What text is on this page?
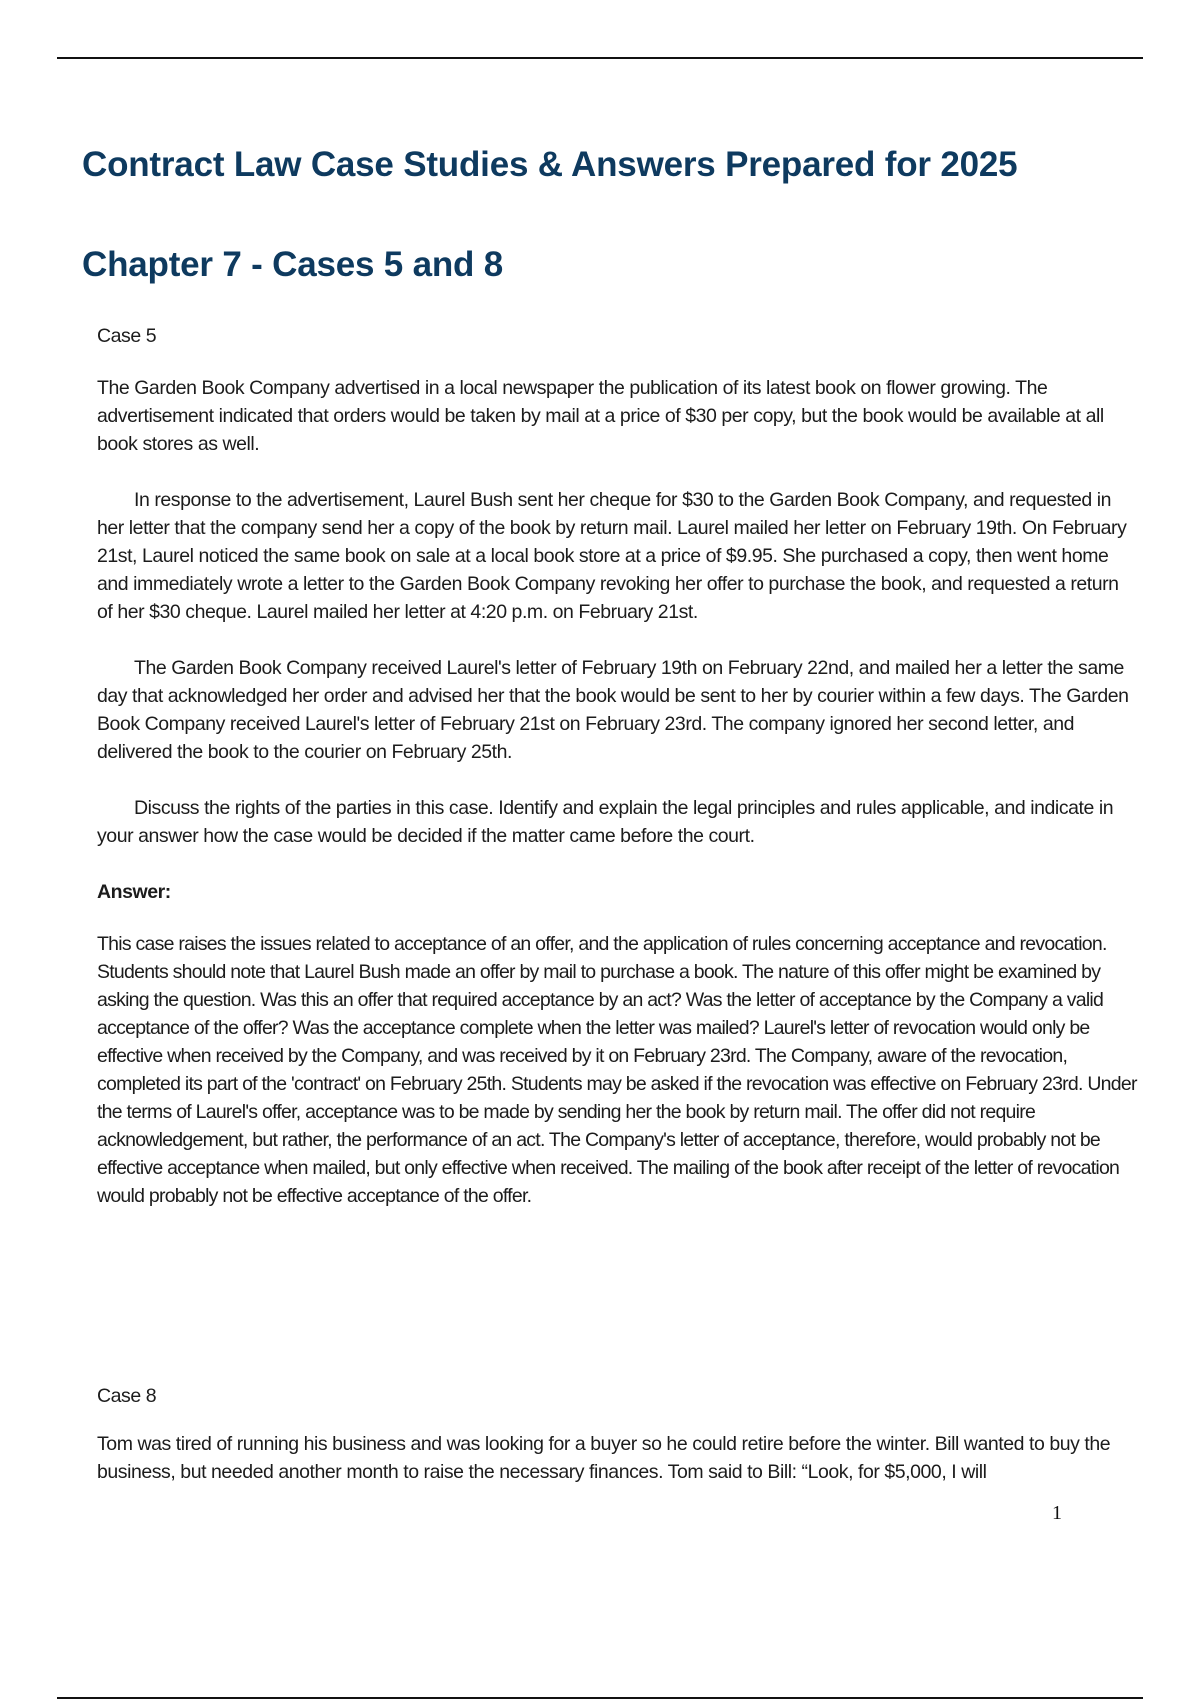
Contract Law Case Studies & Answers Prepared for 2025
Chapter 7 - Cases 5 and 8

Case 5

The Garden Book Company advertised in a local newspaper the publication of its latest book on flower growing. The advertisement indicated that orders would be taken by mail at a price of $30 per copy, but the book would be available at all book stores as well.

In response to the advertisement, Laurel Bush sent her cheque for $30 to the Garden Book Company, and requested in her letter that the company send her a copy of the book by return mail. Laurel mailed her letter on February 19th. On February 21st, Laurel noticed the same book on sale at a local book store at a price of $9.95. She purchased a copy, then went home and immediately wrote a letter to the Garden Book Company revoking her offer to purchase the book, and requested a return of her $30 cheque. Laurel mailed her letter at 4:20 p.m. on February 21st.

The Garden Book Company received Laurel's letter of February 19th on February 22nd, and mailed her a letter the same day that acknowledged her order and advised her that the book would be sent to her by courier within a few days. The Garden Book Company received Laurel's letter of February 21st on February 23rd. The company ignored her second letter, and delivered the book to the courier on February 25th.

Discuss the rights of the parties in this case. Identify and explain the legal principles and rules applicable, and indicate in your answer how the case would be decided if the matter came before the court.

Answer:

This case raises the issues related to acceptance of an offer, and the application of rules concerning acceptance and revocation. Students should note that Laurel Bush made an offer by mail to purchase a book. The nature of this offer might be examined by asking the question. Was this an offer that required acceptance by an act? Was the letter of acceptance by the Company a valid acceptance of the offer? Was the acceptance complete when the letter was mailed? Laurel's letter of revocation would only be effective when received by the Company, and was received by it on February 23rd. The Company, aware of the revocation, completed its part of the 'contract' on February 25th. Students may be asked if the revocation was effective on February 23rd. Under the terms of Laurel's offer, acceptance was to be made by sending her the book by return mail. The offer did not require acknowledgement, but rather, the performance of an act. The Company's letter of acceptance, therefore, would probably not be effective acceptance when mailed, but only effective when received. The mailing of the book after receipt of the letter of revocation would probably not be effective acceptance of the offer.

Case 8

Tom was tired of running his business and was looking for a buyer so he could retire before the winter. Bill wanted to buy the business, but needed another month to raise the necessary finances. Tom said to Bill: “Look, for $5,000, I will

1
